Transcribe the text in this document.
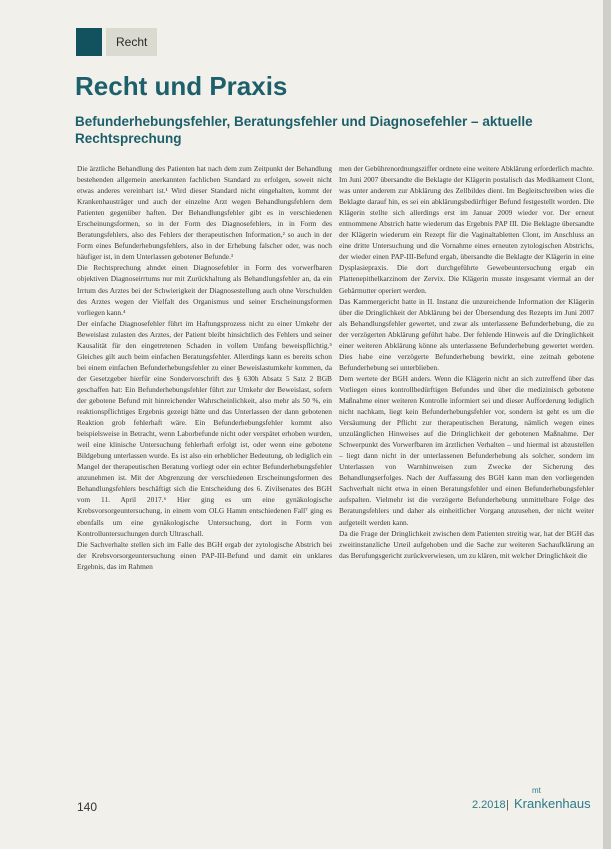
Recht
Recht und Praxis
Befunderhebungsfehler, Beratungsfehler und Diagnosefehler – aktuelle Rechtsprechung

Die ärztliche Behandlung des Patienten hat nach dem zum Zeitpunkt der Behandlung bestehenden allgemein anerkannten fachlichen Standard zu erfolgen, soweit nicht etwas anderes vereinbart ist.¹ Wird dieser Standard nicht eingehalten, kommt der Krankenhausträger und auch der einzelne Arzt wegen Behandlungsfehlern dem Patienten gegenüber haften. Der Behandlungsfehler gibt es in verschiedenen Erscheinungsformen, so in der Form des Diagnosefehlers, in in Form des Beratungsfehlers, also des Fehlers der therapeutischen Information,² so auch in der Form eines Befunderhebungsfehlers, also in der Erhebung falscher oder, was noch häufiger ist, in dem Unterlassen gebotener Befunde.³

Die Rechtsprechung ahndet einen Diagnosefehler in Form des vorwerfbaren objektiven Diagnoseirrtums nur mit Zurückhaltung als Behandlungsfehler an, da ein Irrtum des Arztes bei der Schwierigkeit der Diagnosestellung auch ohne Verschulden des Arztes wegen der Vielfalt des Organismus und seiner Erscheinungsformen vorliegen kann.⁴

Der einfache Diagnosefehler führt im Haftungsprozess nicht zu einer Umkehr der Beweislast zulasten des Arztes, der Patient bleibt hinsichtlich des Fehlers und seiner Kausalität für den eingetretenen Schaden in vollem Umfang beweispflichtig.⁵ Gleiches gilt auch beim einfachen Beratungsfehler. Allerdings kann es bereits schon bei einem einfachen Befunderhebungsfehler zu einer Beweislastumkehr kommen, da der Gesetzgeber hierfür eine Sondervorschrift des § 630h Absatz 5 Satz 2 BGB geschaffen hat: Ein Befunderhebungsfehler führt zur Umkehr der Beweislast, sofern der gebotene Befund mit hinreichender Wahrscheinlichkeit, also mehr als 50 %, ein reaktionspflichtiges Ergebnis gezeigt hätte und das Unterlassen der dann gebotenen Reaktion grob fehlerhaft wäre. Ein Befunderhebungsfehler kommt also beispielsweise in Betracht, wenn Laborbefunde nicht oder verspätet erhoben wurden, weil eine klinische Untersuchung fehlerhaft erfolgt ist, oder wenn eine gebotene Bildgebung unterlassen wurde. Es ist also ein erheblicher Bedeutung, ob lediglich ein Mangel der therapeutischen Beratung vorliegt oder ein echter Befunderhebungsfehler anzunehmen ist. Mit der Abgrenzung der verschiedenen Erscheinungsformen des Behandlungsfehlers beschäftigt sich die Entscheidung des 6. Zivilsenates des BGH vom 11. April 2017.⁶ Hier ging es um eine gynäkologische Krebsvorsorgeuntersuchung, in einem vom OLG Hamm entschiedenen Fall⁷ ging es ebenfalls um eine gynäkologische Untersuchung, dort in Form von Kontrolluntersuchungen durch Ultraschall.

Die Sachverhalte stellen sich im Falle des BGH ergab der zytologische Abstrich bei der Krebsvorsorgeuntersuchung einen PAP-III-Befund und damit ein unklares Ergebnis, das im Rahmen

men der Gebührenordnungsziffer ordnete eine weitere Abklärung erforderlich machte. Im Juni 2007 übersandte die Beklagte der Klägerin postalisch das Medikament Clont, was unter anderem zur Abklärung des Zellbildes dient. Im Begleitschreiben wies die Beklagte darauf hin, es sei ein abklärungsbedürftiger Befund festgestellt worden. Die Klägerin stellte sich allerdings erst im Januar 2009 wieder vor. Der erneut entnommene Abstrich hatte wiederum das Ergebnis PAP III. Die Beklagte übersandte der Klägerin wiederum ein Rezept für die Vaginaltabletten Clont, im Anschluss an eine dritte Untersuchung und die Vornahme eines erneuten zytologischen Abstrichs, der wieder einen PAP-III-Befund ergab, übersandte die Beklagte der Klägerin in eine Dysplasiepraxis. Die dort durchgeführte Gewebeuntersuchung ergab ein Plattenepithelkarzinom der Zervix. Die Klägerin musste insgesamt viermal an der Gebärmutter operiert werden.

Das Kammergericht hatte in II. Instanz die unzureichende Information der Klägerin über die Dringlichkeit der Abklärung bei der Übersendung des Rezepts im Juni 2007 als Behandlungsfehler gewertet, und zwar als unterlassene Befunderhebung, die zu der verzögerten Abklärung geführt habe. Der fehlende Hinweis auf die Dringlichkeit einer weiteren Abklärung könne als unterlassene Befunderhebung gewertet werden. Dies habe eine verzögerte Befunderhebung bewirkt, eine zeitnah gebotene Befunderhebung sei unterblieben.

Dem wertete der BGH anders. Wenn die Klägerin nicht an sich zutreffend über das Vorliegen eines kontrollbedürftigen Befundes und über die medizinisch gebotene Maßnahme einer weiteren Kontrolle informiert sei und dieser Aufforderung lediglich nicht nachkam, liegt kein Befunderhebungsfehler vor, sondern ist geht es um die Versäumung der Pflicht zur therapeutischen Beratung, nämlich wegen eines unzulänglichen Hinweises auf die Dringlichkeit der gebotenen Maßnahme. Der Schwerpunkt des Vorwerfbaren im ärztlichen Verhalten – und hiermal ist abzustellen – liegt dann nicht in der unterlassenen Befunderhebung als solcher, sondern im Unterlassen von Warnhinweisen zum Zwecke der Sicherung des Behandlungserfolges. Nach der Auffassung des BGH kann man den vorliegenden Sachverhalt nicht etwa in einen Beratungsfehler und einen Befunderhebungsfehler aufspalten. Vielmehr ist die verzögerte Befunderhebung unmittelbare Folge des Beratungsfehlers und daher als einheitlicher Vorgang anzusehen, der nicht weiter aufgeteilt werden kann.

Da die Frage der Dringlichkeit zwischen dem Patienten streitig war, hat der BGH das zweitinstanzliche Urteil aufgehoben und die Sache zur weiteren Sachaufklärung an das Berufungsgericht zurückverwiesen, um zu klären, mit welcher Dringlichkeit die

140	2.2018 |
mt
Krankenhaus
